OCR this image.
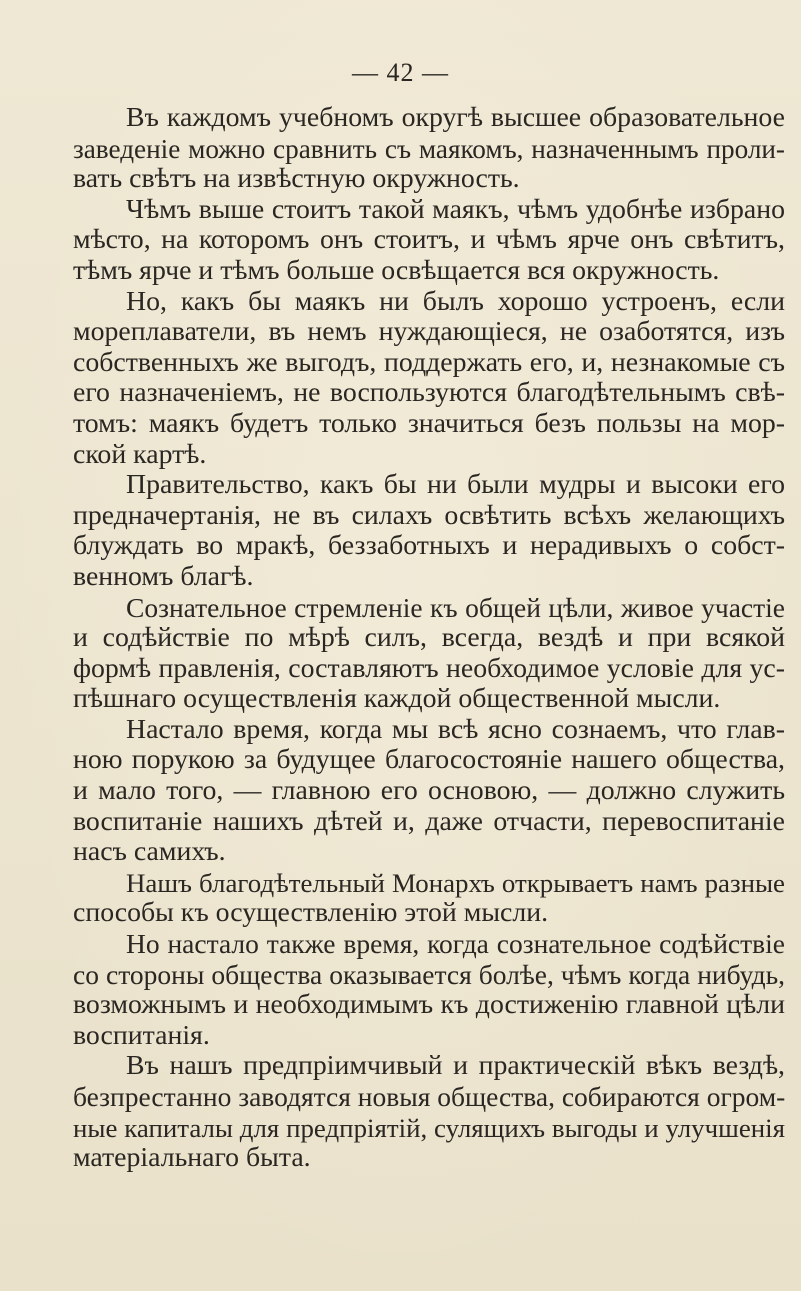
— 42 —
Въ каждомъ учебномъ округѣ высшее образовательное
заведеніе можно сравнить съ маякомъ, назначеннымъ проли-
вать свѣтъ на извѣстную окружность.
Чѣмъ выше стоитъ такой маякъ, чѣмъ удобнѣе избрано
мѣсто, на которомъ онъ стоитъ, и чѣмъ ярче онъ свѣтитъ,
тѣмъ ярче и тѣмъ больше освѣщается вся окружность.
Но, какъ бы маякъ ни былъ хорошо устроенъ, если
мореплаватели, въ немъ нуждающіеся, не озаботятся, изъ
собственныхъ же выгодъ, поддержать его, и, незнакомые съ
его назначеніемъ, не воспользуются благодѣтельнымъ свѣ-
томъ: маякъ будетъ только значиться безъ пользы на мор-
ской картѣ.
Правительство, какъ бы ни были мудры и высоки его
предначертанія, не въ силахъ освѣтить всѣхъ желающихъ
блуждать во мракѣ, беззаботныхъ и нерадивыхъ о собст-
венномъ благѣ.
Сознательное стремленіе къ общей цѣли, живое участіе
и содѣйствіе по мѣрѣ силъ, всегда, вездѣ и при всякой
формѣ правленія, составляютъ необходимое условіе для ус-
пѣшнаго осуществленія каждой общественной мысли.
Настало время, когда мы всѣ ясно сознаемъ, что глав-
ною порукою за будущее благосостояніе нашего общества,
и мало того, — главною его основою, — должно служить
воспитаніе нашихъ дѣтей и, даже отчасти, перевоспитаніе
насъ самихъ.
Нашъ благодѣтельный Монархъ открываетъ намъ разные
способы къ осуществленію этой мысли.
Но настало также время, когда сознательное содѣйствіе
со стороны общества оказывается болѣе, чѣмъ когда нибудь,
возможнымъ и необходимымъ къ достиженію главной цѣли
воспитанія.
Въ нашъ предпріимчивый и практическій вѣкъ вездѣ,
безпрестанно заводятся новыя общества, собираются огром-
ные капиталы для предпріятій, сулящихъ выгоды и улучшенія
матеріальнаго быта.
